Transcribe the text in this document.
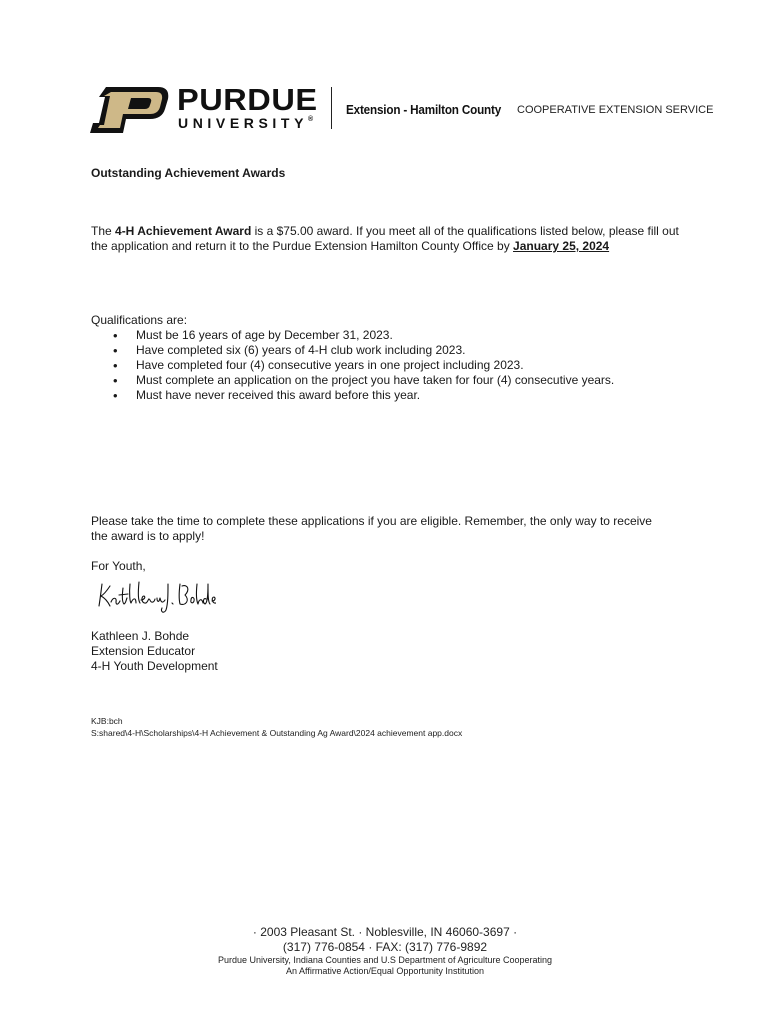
PURDUE
UNIVERSITY®
Extension - Hamilton County COOPERATIVE EXTENSION SERVICE
Outstanding Achievement Awards
The 4-H Achievement Award is a $75.00 award. If you meet all of the qualifications listed below, please fill out the application and return it to the Purdue Extension Hamilton County Office by January 25, 2024
Qualifications are:
• Must be 16 years of age by December 31, 2023.
• Have completed six (6) years of 4-H club work including 2023.
• Have completed four (4) consecutive years in one project including 2023.
• Must complete an application on the project you have taken for four (4) consecutive years.
• Must have never received this award before this year.
Please take the time to complete these applications if you are eligible. Remember, the only way to receive the award is to apply!
For Youth,
Kathleen J. Bohde
Extension Educator
4-H Youth Development
KJB:bch
S:shared\4-H\Scholarships\4-H Achievement & Outstanding Ag Award\2024 achievement app.docx
· 2003 Pleasant St. · Noblesville, IN 46060-3697 ·
(317) 776-0854 · FAX: (317) 776-9892
Purdue University, Indiana Counties and U.S Department of Agriculture Cooperating
An Affirmative Action/Equal Opportunity Institution
